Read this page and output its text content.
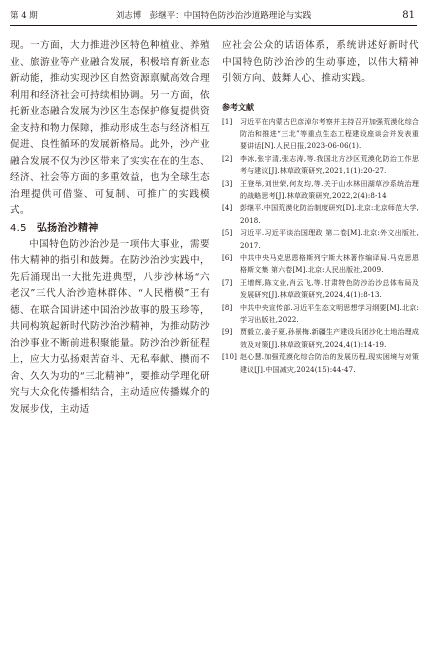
第 4 期	刘志博　彭继平：中国特色防沙治沙道路理论与实践	81

现。一方面，大力推进沙区特色种植业、养殖业、旅游业等产业融合发展，积极培育新业态新动能，推动实现沙区自然资源禀赋高效合理利用和经济社会可持续相协调。另一方面，依托新业态融合发展为沙区生态保护修复提供资金支持和物力保障，推动形成生态与经济相互促进、良性循环的发展新格局。此外，沙产业融合发展不仅为沙区带来了实实在在的生态、经济、社会等方面的多重效益，也为全球生态治理提供可借鉴、可复制、可推广的实践模式。

4.5 弘扬治沙精神

中国特色防沙治沙是一项伟大事业，需要伟大精神的指引和鼓舞。在防沙治沙实践中，先后涌现出一大批先进典型，八步沙林场“六老汉”三代人治沙造林群体、“人民楷模”王有德、在联合国讲述中国治沙故事的殷玉珍等，共同构筑起新时代防沙治沙精神，为推动防沙治沙事业不断前进积聚能量。防沙治沙新征程上，应大力弘扬艰苦奋斗、无私奉献、攒而不舍、久久为功的“三北精神”，要推动学理化研究与大众化传播相结合，主动适应传播媒介的发展步伐，主动适

应社会公众的话语体系，系统讲述好新时代中国特色防沙治沙的生动事迹，以伟大精神引领方向、鼓舞人心、推动实践。

参考文献
[1] 习近平在内蒙古巴彦淖尔考察并主持召开加强荒漠化综合防治和推进“三北”等重点生态工程建设座谈会并发表重要讲话[N].人民日报,2023-06-06(1).
[2] 李冰,张宇清,张志涛,等.我国北方沙区荒漠化防治工作思考与建议[J].林草政策研究,2021,1(1):20-27.
[3] 王登举,刘世荣,何友均,等.关于山水林田湖草沙系统治理的战略思考[J].林草政策研究,2022,2(4):8-14
[4] 彭继平.中国荒漠化防治制度研究[D].北京:北京师范大学,2018.
[5] 习近平.习近平谈治国理政 第二卷[M].北京:外文出版社,2017.
[6] 中共中央马克思恩格斯列宁斯大林著作编译局.马克思恩格斯文集 第六卷[M].北京:人民出版社,2009.
[7] 王增辉,陈文业,肖云飞,等.甘肃特色防沙治沙总体布局及发展研究[J].林草政策研究,2024,4(1):8-13.
[8] 中共中央宣传部.习近平生态文明思想学习纲要[M].北京:学习出版社,2022.
[9] 贾毅立,姜子夏,孙景梅.新疆生产建设兵团沙化土地治理成效及对策[J].林草政策研究,2024,4(1):14-19.
[10] 赵心慧.加强荒漠化综合防治的发展历程,现实困境与对策建议[J].中国减灾,2024(15):44-47.
